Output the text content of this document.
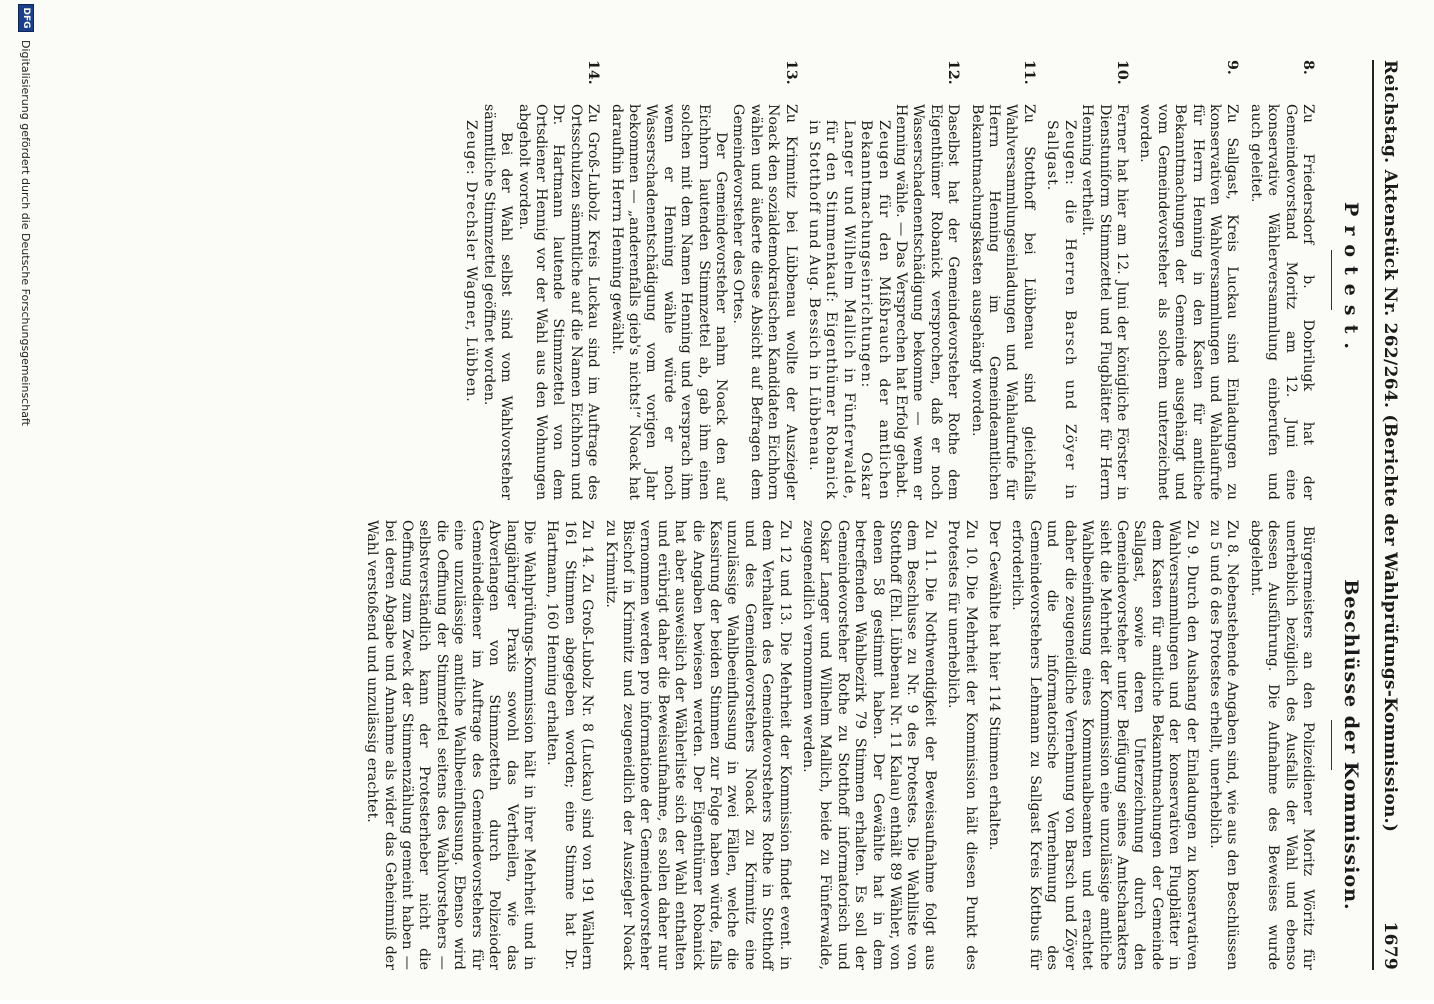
Reichstag. Aktenstück Nr. 262/264. (Berichte der Wahlprüfungs-Kommission.)
1679
Protest.
Beschlüsse der Kommission.
8.
Zu Friedersdorf b. Dobrilugk hat der Gemeindevorstand Moritz am 12. Juni eine konservative Wählerversammlung einberufen und auch geleitet.
9.
Zu Sallgast, Kreis Luckau sind Einladungen zu konservativen Wahlversammlungen und Wahlaufrufe für Herrn Henning in den Kasten für amtliche Bekanntmachungen der Gemeinde ausgehängt und vom Gemeindevorsteher als solchem unterzeichnet worden.
10.
Ferner hat hier am 12. Juni der königliche Förster in Dienstuniform Stimmzettel und Flugblätter für Herrn Henning vertheilt.
Zeugen: die Herren Barsch und Zöyer in Sallgast.
11.
Zu Stotthoff bei Lübbenau sind gleichfalls Wahlversammlungseinladungen und Wahlaufrufe für Herrn Henning im Gemeindeamtlichen Bekanntmachungskasten ausgehängt worden.
12.
Daselbst hat der Gemeindevorsteher Rothe dem Eigenthümer Robanick versprochen, daß er noch Wasserschadenentschädigung bekomme — wenn er Henning wähle. — Das Versprechen hat Erfolg gehabt.
Zeugen für den Mißbrauch der amtlichen Bekanntmachungseinrichtungen: Oskar Langer und Wilhelm Mallich in Fünferwalde, für den Stimmenkauf: Eigenthümer Robanick in Stotthoff und Aug. Bessich in Lübbenau.
13.
Zu Krimnitz bei Lübbenau wollte der Ausziegler Noack den sozialdemokratischen Kandidaten Eichhorn wählen und äußerte diese Absicht auf Befragen dem Gemeindevorsteher des Ortes.
Der Gemeindevorsteher nahm Noack den auf Eichhorn lautenden Stimmzettel ab, gab ihm einen solchen mit dem Namen Henning und versprach ihm wenn er Henning wähle würde er noch Wasserschadenentschädigung vom vorigen Jahr bekommen — „anderenfalls gieb's nichts!“ Noack hat daraufhin Herrn Henning gewählt.
14.
Zu Groß-Lubolz Kreis Luckau sind im Auftrage des Ortsschulzen sämmtliche auf die Namen Eichhorn und Dr. Hartmann lautende Stimmzettel von dem Ortsdiener Hennig vor der Wahl aus den Wohnungen abgeholt worden.
Bei der Wahl selbst sind vom Wahlvorsteher sämmtliche Stimmzettel geöffnet worden.
Zeuge: Drechsler Wagner, Lübben.

Bürgermeisters an den Polizeidiener Moritz Wöritz für unerheblich bezüglich des Ausfalls der Wahl und ebenso dessen Ausführung. Die Aufnahme des Beweises wurde abgelehnt.

Zu 8.Nebenstehende Angaben sind, wie aus den Beschlüssen zu 5 und 6 des Protestes erhellt, unerheblich.

Zu 9.Durch den Aushang der Einladungen zu konservativen Wahlversammlungen und der konservativen Flugblätter in dem Kasten für amtliche Bekanntmachungen der Gemeinde Sallgast, sowie deren Unterzeichnung durch den Gemeindevorsteher unter Beifügung seines Amtscharakters sieht die Mehrheit der Kommission eine unzulässige amtliche Wahlbeeinflussung eines Kommunalbeamten und erachtet daher die zeugeneidliche Vernehmung von Barsch und Zöyer und die informatorische Vernehmung des Gemeindevorstehers Lehmann zu Sallgast Kreis Kottbus für erforderlich.

Der Gewählte hat hier 114 Stimmen erhalten.

Zu 10.Die Mehrheit der Kommission hält diesen Punkt des Protestes für unerheblich.

Zu 11.Die Nothwendigkeit der Beweisaufnahme folgt aus dem Beschlusse zu Nr. 9 des Protestes. Die Wahlliste von Stotthoff (Ehl. Lübbenau Nr. 11 Kalau) enthält 89 Wähler, von denen 58 gestimmt haben. Der Gewählte hat in dem betreffenden Wahlbezirk 79 Stimmen erhalten. Es soll der Gemeindevorsteher Rothe zu Stotthoff informatorisch und Oskar Langer und Wilhelm Mallich, beide zu Fünferwalde, zeugeneidlich vernommen werden.

Zu 12 und 13.Die Mehrheit der Kommission findet event. in dem Verhalten des Gemeindevorstehers Rothe in Stotthoff und des Gemeindevorstehers Noack zu Krimnitz eine unzulässige Wahlbeeinflussung in zwei Fällen, welche die Kassirung der beiden Stimmen zur Folge haben würde, falls die Angaben bewiesen werden. Der Eigenthümer Robanick hat aber ausweislich der Wählerliste sich der Wahl enthalten und erübrigt daher die Beweisaufnahme, es sollen daher nur vernommen werden pro informatione der Gemeindevorsteher Bischof in Krimnitz und zeugeneidlich der Ausziegler Noack zu Krimnitz.

Zu 14.Zu Groß-Lubolz Nr. 8 (Luckau) sind von 191 Wählern 161 Stimmen abgegeben worden; eine Stimme hat Dr. Hartmann, 160 Henning erhalten.

Die Wahlprüfungs-Kommission hält in ihrer Mehrheit und in langjähriger Praxis sowohl das Vertheilen, wie das Abverlangen von Stimmzetteln durch Polizeioder Gemeindediener im Auftrage des Gemeindevorstehers für eine unzulässige amtliche Wahlbeeinflussung. Ebenso wird die Oeffnung der Stimmzettel seitens des Wahlvorstehers — selbstverständlich kann der Protesterheber nicht die Oeffnung zum Zweck der Stimmenzählung gemeint haben — bei deren Abgabe und Annahme als wider das Geheimniß der Wahl verstoßend und unzulässig erachtet.

DFG
Digitalisierung gefördert durch die Deutsche Forschungsgemeinschaft
